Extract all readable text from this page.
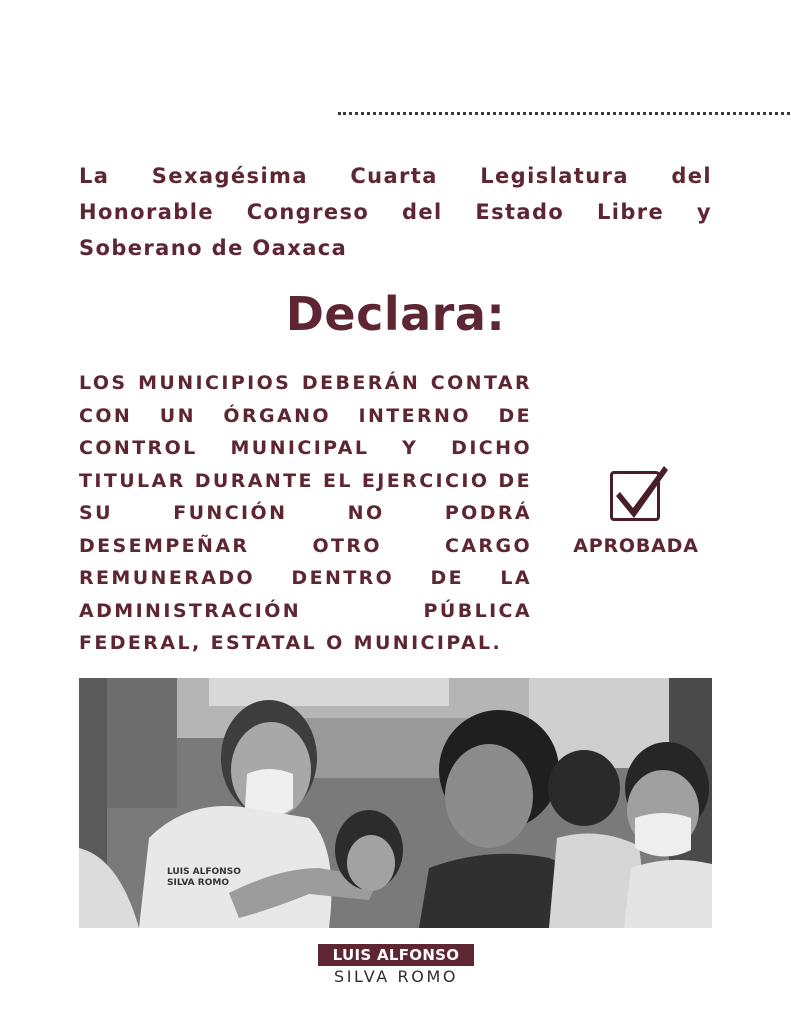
La Sexagésima Cuarta Legislatura del Honorable Congreso del Estado Libre y Soberano de Oaxaca
Declara:
LOS MUNICIPIOS DEBERÁN CONTAR CON UN ÓRGANO INTERNO DE CONTROL MUNICIPAL Y DICHO TITULAR DURANTE EL EJERCICIO DE SU FUNCIÓN NO PODRÁ DESEMPEÑAR OTRO CARGO REMUNERADO DENTRO DE LA ADMINISTRACIÓN PÚBLICA FEDERAL, ESTATAL O MUNICIPAL.
APROBADA
LUIS ALFONSO
SILVA ROMO
LUIS ALFONSO
SILVA ROMO
